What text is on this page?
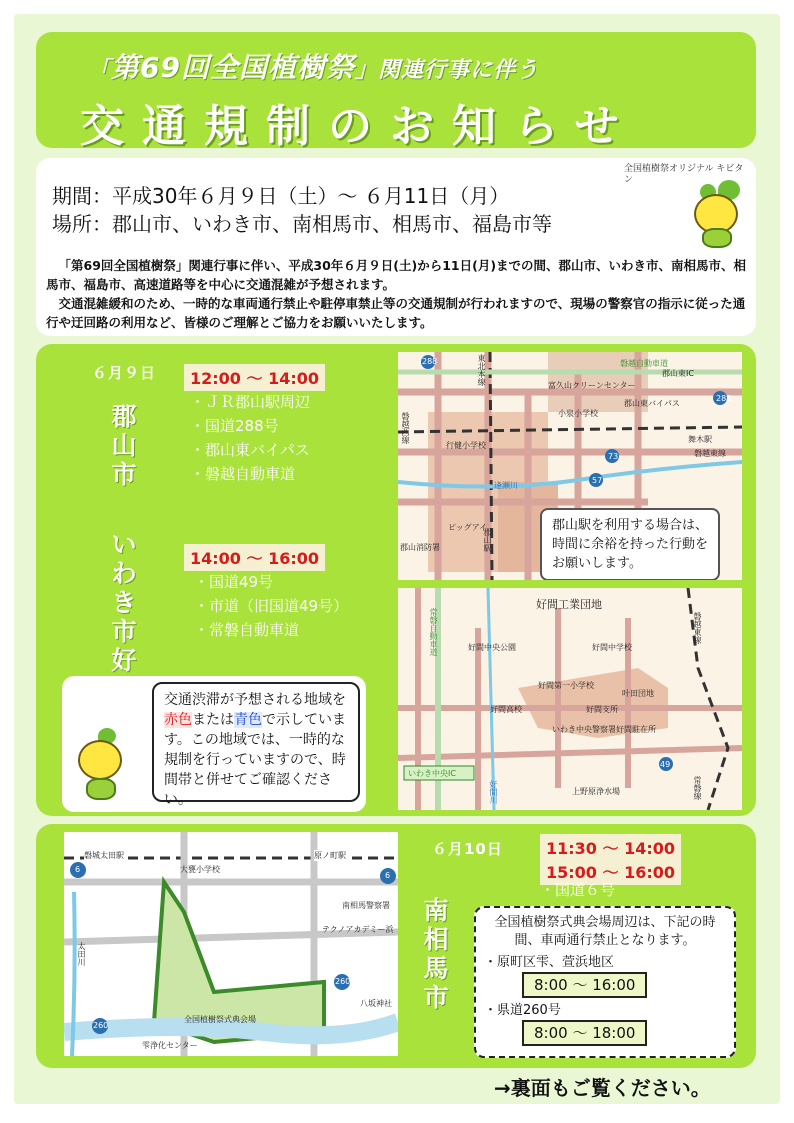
「第69回全国植樹祭」関連行事に伴う
交通規制のお知らせ
期間：平成30年６月９日（土）～ ６月11日（月）
場所：郡山市、いわき市、南相馬市、相馬市、福島市等
全国植樹祭オリジナル キビタン

「第69回全国植樹祭」関連行事に伴い、平成30年６月９日(土)から11日(月)までの間、郡山市、いわき市、南相馬市、相馬市、福島市、高速道路等を中心に交通混雑が予想されます。

交通混雑緩和のため、一時的な車両通行禁止や駐停車禁止等の交通規制が行われますので、現場の警察官の指示に従った通行や迂回路の利用など、皆様のご理解とご協力をお願いいたします。

６月９日	12:00 ～ 14:00
郡山市
・ＪＲ郡山駅周辺
・国道288号
・郡山東バイパス
・磐越自動車道
いわき市好
14:00 ～ 16:00
・国道49号
・市道（旧国道49号）
・常磐自動車道
交通渋滞が予想される地域を赤色または青色で示しています。この地域では、一時的な規制を行っていますので、時間帯と併せてご確認ください。
288	東北本線	富久山クリーンセンター
郡山東バイパス
小泉小学校
磐越西線
行健小学校
逢瀬川
73
57
舞木駅
磐越東線
郡山駅
郡山消防署
ピッグアイ
磐越自動車道
288
郡山東IC
郡山駅を利用する場合は、時間に余裕を持った行動をお願いします。
好間工業団地
常磐自動車道	好間中央公園	好間中学校
好間第一小学校
好間高校	好間支所
叶田団地
いわき中央警察署好間駐在所
上野原浄水場
磐越東線
常磐線
49
好間川
いわき中央IC
磐城太田駅
大甕小学校
原ノ町駅
6
6
南相馬警察署
テクノアカデミー浜
太田川
260
260
八坂神社
全国植樹祭式典会場
雫浄化センター
６月10日	11:30 ～ 14:00
15:00 ～ 16:00
・国道６号
南相馬市
全国植樹祭式典会場周辺は、下記の時間、車両通行禁止となります。
・原町区雫、萱浜地区
8:00 ～ 16:00
・県道260号
8:00 ～ 18:00
→裏面もご覧ください。
